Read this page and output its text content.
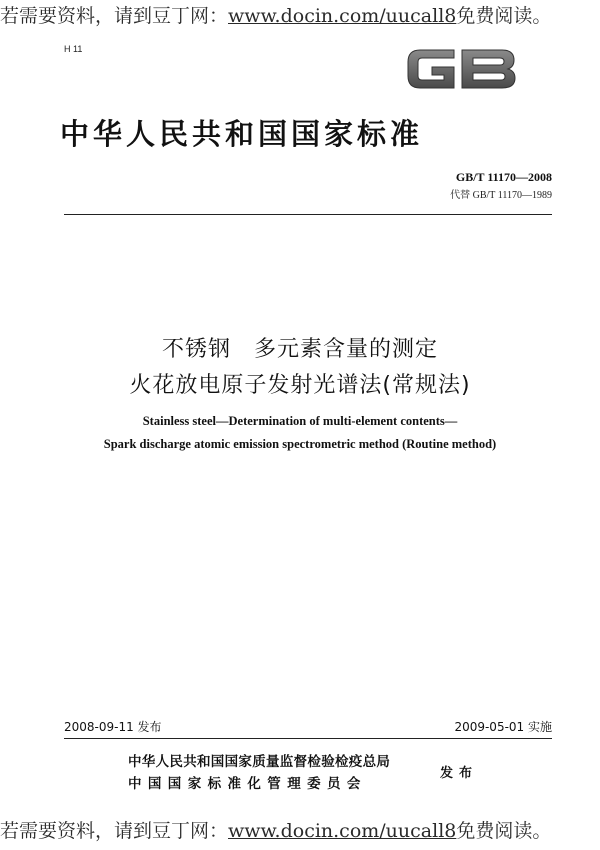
若需要资料，请到豆丁网：www.docin.com/uucall8免费阅读。
H 11
中华人民共和国国家标准
GB/T 11170—2008
代替 GB/T 11170—1989
不锈钢　多元素含量的测定
火花放电原子发射光谱法(常规法)
Stainless steel—Determination of multi-element contents—
Spark discharge atomic emission spectrometric method (Routine method)
2008-09-11 发布	2009-05-01 实施
中华人民共和国国家质量监督检验检疫总局
中国国家标准化管理委员会
发布
若需要资料，请到豆丁网：www.docin.com/uucall8免费阅读。
